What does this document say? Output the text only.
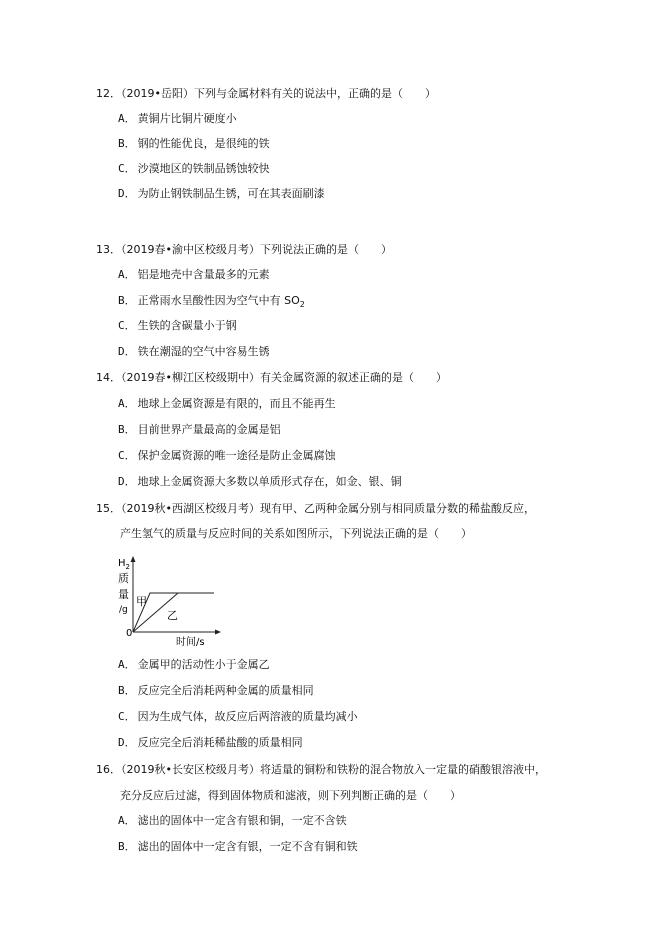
12．（2019•岳阳）下列与金属材料有关的说法中，正确的是（　　）
A． 黄铜片比铜片硬度小
B． 钢的性能优良，是很纯的铁
C． 沙漠地区的铁制品锈蚀较快
D． 为防止钢铁制品生锈，可在其表面刷漆
13．（2019春•渝中区校级月考）下列说法正确的是（　　）
A． 铝是地壳中含量最多的元素
B． 正常雨水呈酸性因为空气中有 $SO_2$
C． 生铁的含碳量小于钢
D． 铁在潮湿的空气中容易生锈
14．（2019春•柳江区校级期中）有关金属资源的叙述正确的是（　　）
A． 地球上金属资源是有限的，而且不能再生
B． 目前世界产量最高的金属是铝
C． 保护金属资源的唯一途径是防止金属腐蚀
D． 地球上金属资源大多数以单质形式存在，如金、银、铜
15．（2019秋•西湖区校级月考）现有甲、乙两种金属分别与相同质量分数的稀盐酸反应，
产生氢气的质量与反应时间的关系如图所示，下列说法正确的是（　　）
$H_2$
质
量
/g
0
时间/s
甲
乙
A． 金属甲的活动性小于金属乙
B． 反应完全后消耗两种金属的质量相同
C． 因为生成气体，故反应后两溶液的质量均减小
D． 反应完全后消耗稀盐酸的质量相同
16．（2019秋•长安区校级月考）将适量的铜粉和铁粉的混合物放入一定量的硝酸银溶液中，
充分反应后过滤，得到固体物质和滤液，则下列判断正确的是（　　）
A． 滤出的固体中一定含有银和铜，一定不含铁
B． 滤出的固体中一定含有银，一定不含有铜和铁
